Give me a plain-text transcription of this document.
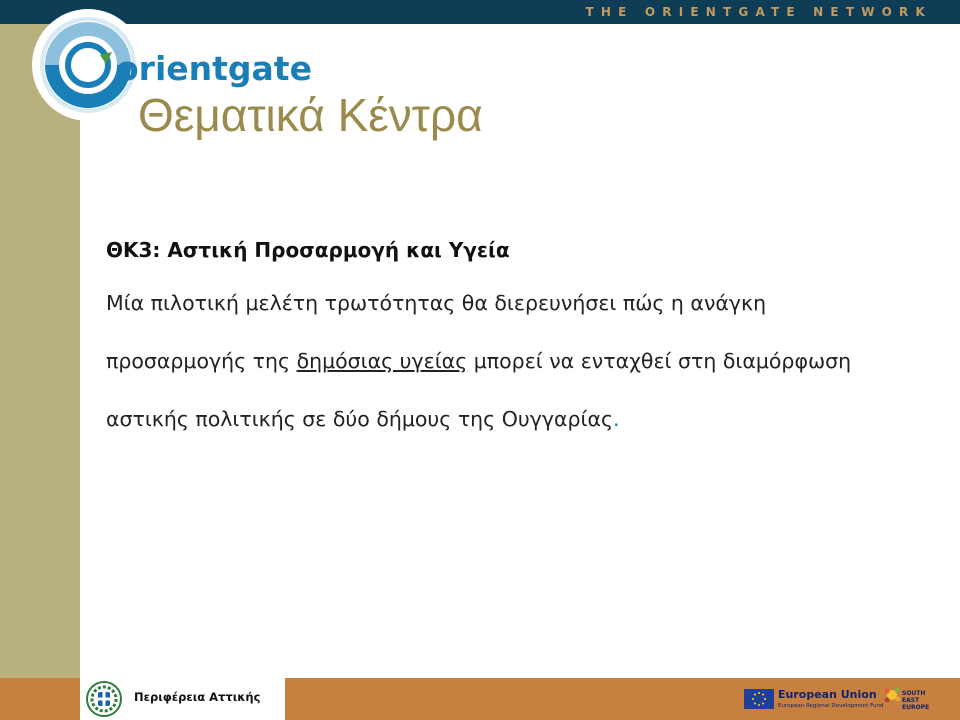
THE ORIENTGATE NETWORK
orientgate
Θεματικά Κέντρα

ΘΚ3: Αστική Προσαρμογή και Υγεία

Μία πιλοτική μελέτη τρωτότητας θα διερευνήσει πώς η ανάγκη προσαρμογής της δημόσιας υγείας μπορεί να ενταχθεί στη διαμόρφωση αστικής πολιτικής σε δύο δήμους της Ουγγαρίας.

Περιφέρεια Αττικής	European Union
European Regional Development Fund
SOUTH EAST EUROPE
